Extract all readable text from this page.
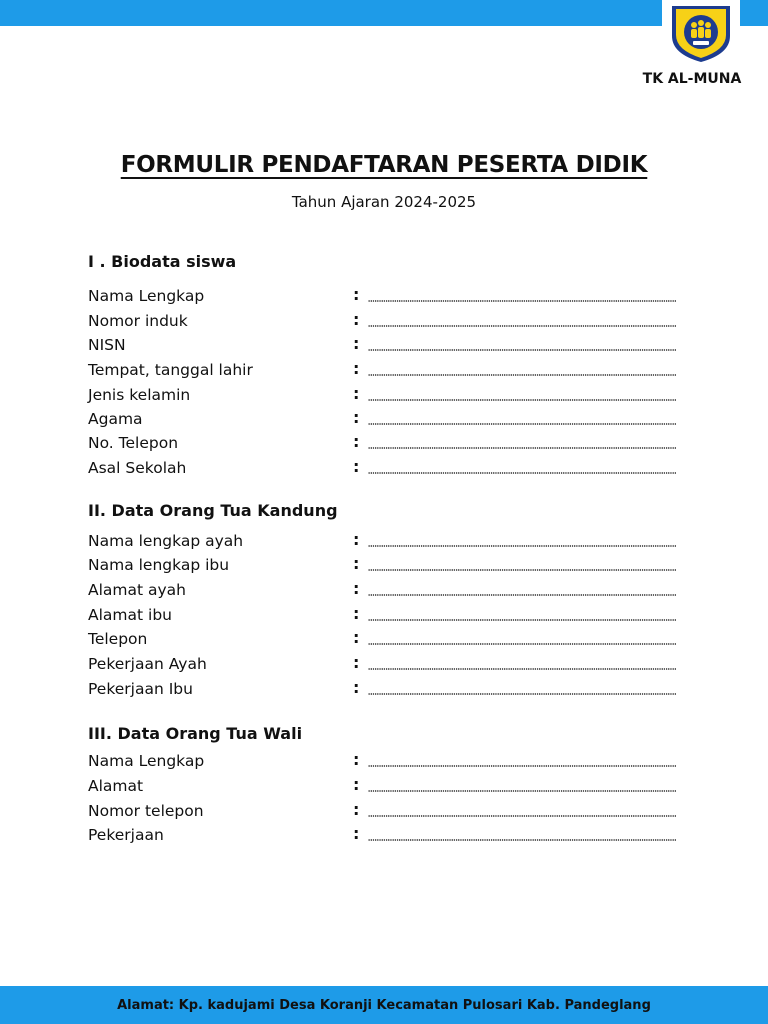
TK AL-MUNA
FORMULIR PENDAFTARAN PESERTA DIDIK
Tahun Ajaran 2024-2025
I . Biodata siswa
Nama Lengkap	:
Nomor induk	:
NISN	:
Tempat, tanggal lahir	:
Jenis kelamin	:
Agama	:
No. Telepon	:
Asal Sekolah	:
II. Data Orang Tua Kandung
Nama lengkap ayah	:
Nama lengkap ibu	:
Alamat ayah	:
Alamat ibu	:
Telepon	:
Pekerjaan Ayah	:
Pekerjaan Ibu	:
III. Data Orang Tua Wali
Nama Lengkap	:
Alamat	:
Nomor telepon	:
Pekerjaan	:
Alamat: Kp. kadujami Desa Koranji Kecamatan Pulosari Kab. Pandeglang
